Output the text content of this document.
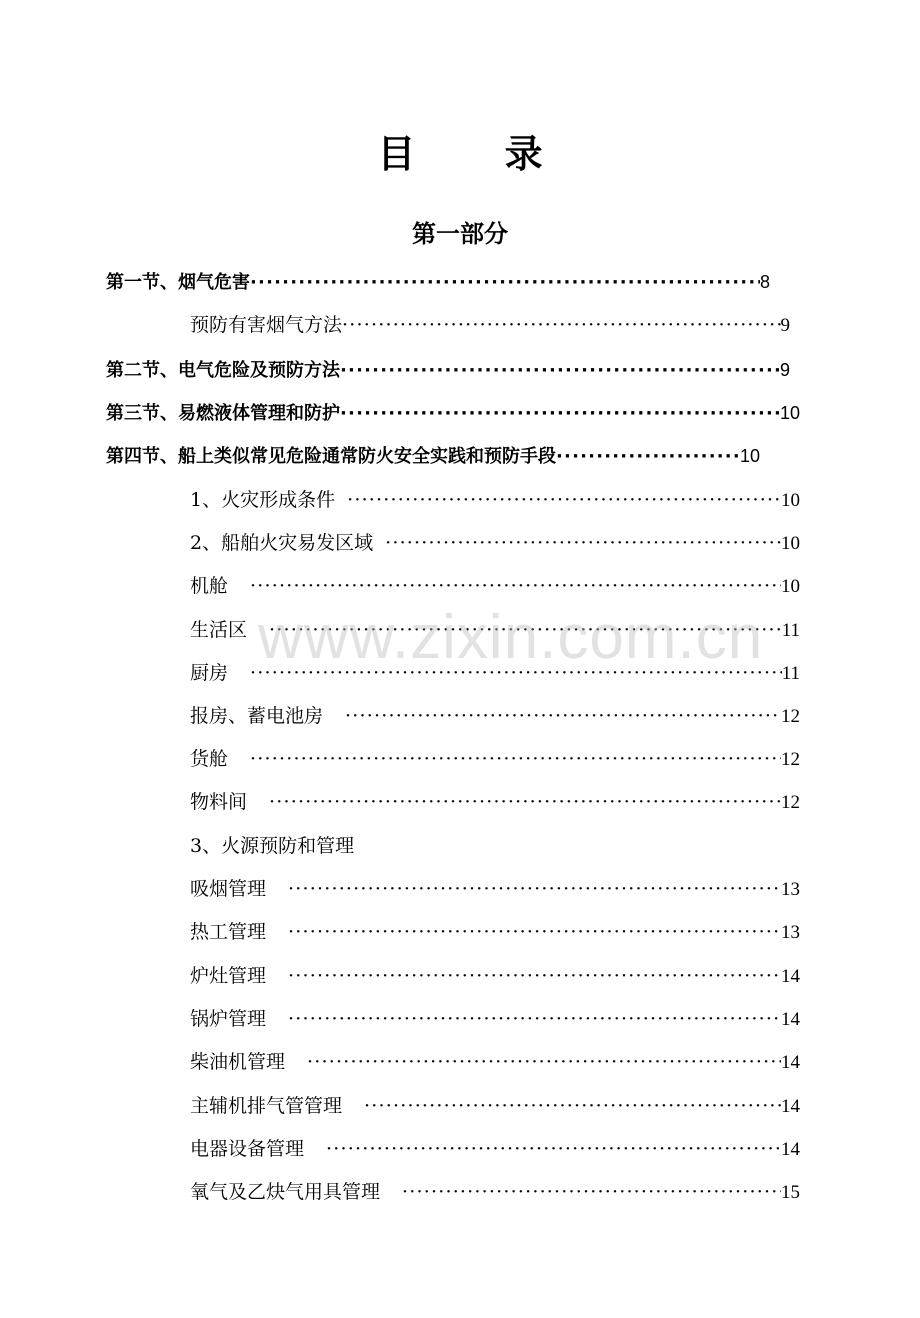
目 录
第一部分
第一节、烟气危害 ·····	8
预防有害烟气方法 ·····	9
第二节、电气危险及预防方法 ·····	9
第三节、易燃液体管理和防护 ·····	10
第四节、船上类似常见危险通常防火安全实践和预防手段 ·····	10
1、火灾形成条件 ·····	10
2、船舶火灾易发区域 ·····	10
机舱 ·····	10
生活区 ·····	11
厨房 ·····	11
报房、蓄电池房 ·····	12
货舱 ·····	12
物料间 ·····	12
3、火源预防和管理
吸烟管理 ·····	13
热工管理 ·····	13
炉灶管理 ·····	14
锅炉管理 ·····	14
柴油机管理 ·····	14
主辅机排气管管理 ·····	14
电器设备管理 ·····	14
氧气及乙炔气用具管理 ·····	15
www.zixin.com.cn
